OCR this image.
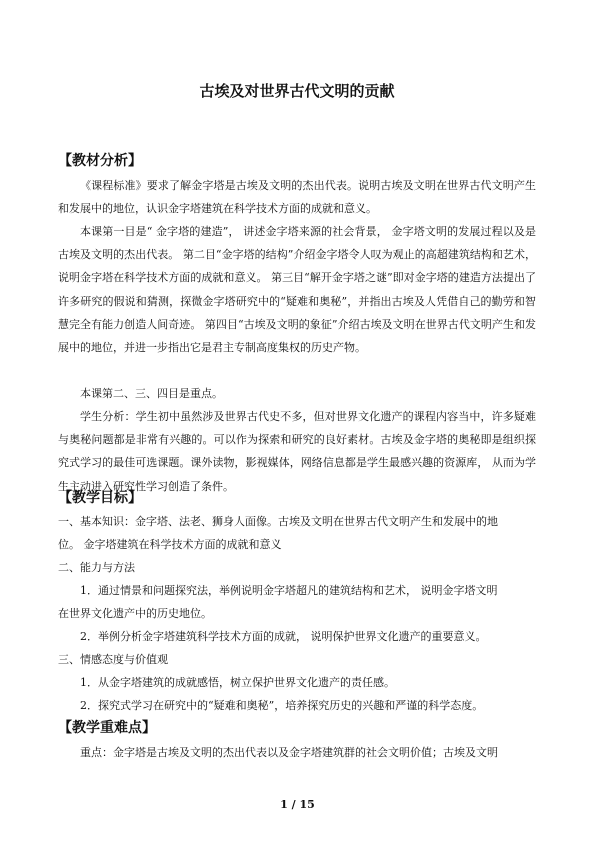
古埃及对世界古代文明的贡献
【教材分析】
《课程标准》要求了解金字塔是古埃及文明的杰出代表。说明古埃及文明在世界古代文明产生和发展中的地位，认识金字塔建筑在科学技术方面的成就和意义。
本课第一目是“ 金字塔的建造”， 讲述金字塔来源的社会背景， 金字塔文明的发展过程以及是古埃及文明的杰出代表。 第二目“金字塔的结构”介绍金字塔令人叹为观止的高超建筑结构和艺术，说明金字塔在科学技术方面的成就和意义。 第三目“解开金字塔之谜”即对金字塔的建造方法提出了许多研究的假说和猜测，探微金字塔研究中的“疑难和奥秘”，并指出古埃及人凭借自己的勤劳和智慧完全有能力创造人间奇迹。 第四目“古埃及文明的象征”介绍古埃及文明在世界古代文明产生和发展中的地位，并进一步指出它是君主专制高度集权的历史产物。
本课第二、三、四目是重点。
学生分析：学生初中虽然涉及世界古代史不多，但对世界文化遗产的课程内容当中，许多疑难与奥秘问题都是非常有兴趣的。可以作为探索和研究的良好素材。古埃及金字塔的奥秘即是组织探究式学习的最佳可选课题。课外读物，影视媒体，网络信息都是学生最感兴趣的资源库， 从而为学生主动进入研究性学习创造了条件。
【教学目标】
一、基本知识：金字塔、法老、狮身人面像。古埃及文明在世界古代文明产生和发展中的地
位。 金字塔建筑在科学技术方面的成就和意义
二、能力与方法
1．通过情景和问题探究法，举例说明金字塔超凡的建筑结构和艺术， 说明金字塔文明
在世界文化遗产中的历史地位。
2．举例分析金字塔建筑科学技术方面的成就， 说明保护世界文化遗产的重要意义。
三、情感态度与价值观
1．从金字塔建筑的成就感悟，树立保护世界文化遗产的责任感。
2．探究式学习在研究中的“疑难和奥秘”，培养探究历史的兴趣和严谨的科学态度。
【教学重难点】
重点：金字塔是古埃及文明的杰出代表以及金字塔建筑群的社会文明价值；古埃及文明
1 / 15
